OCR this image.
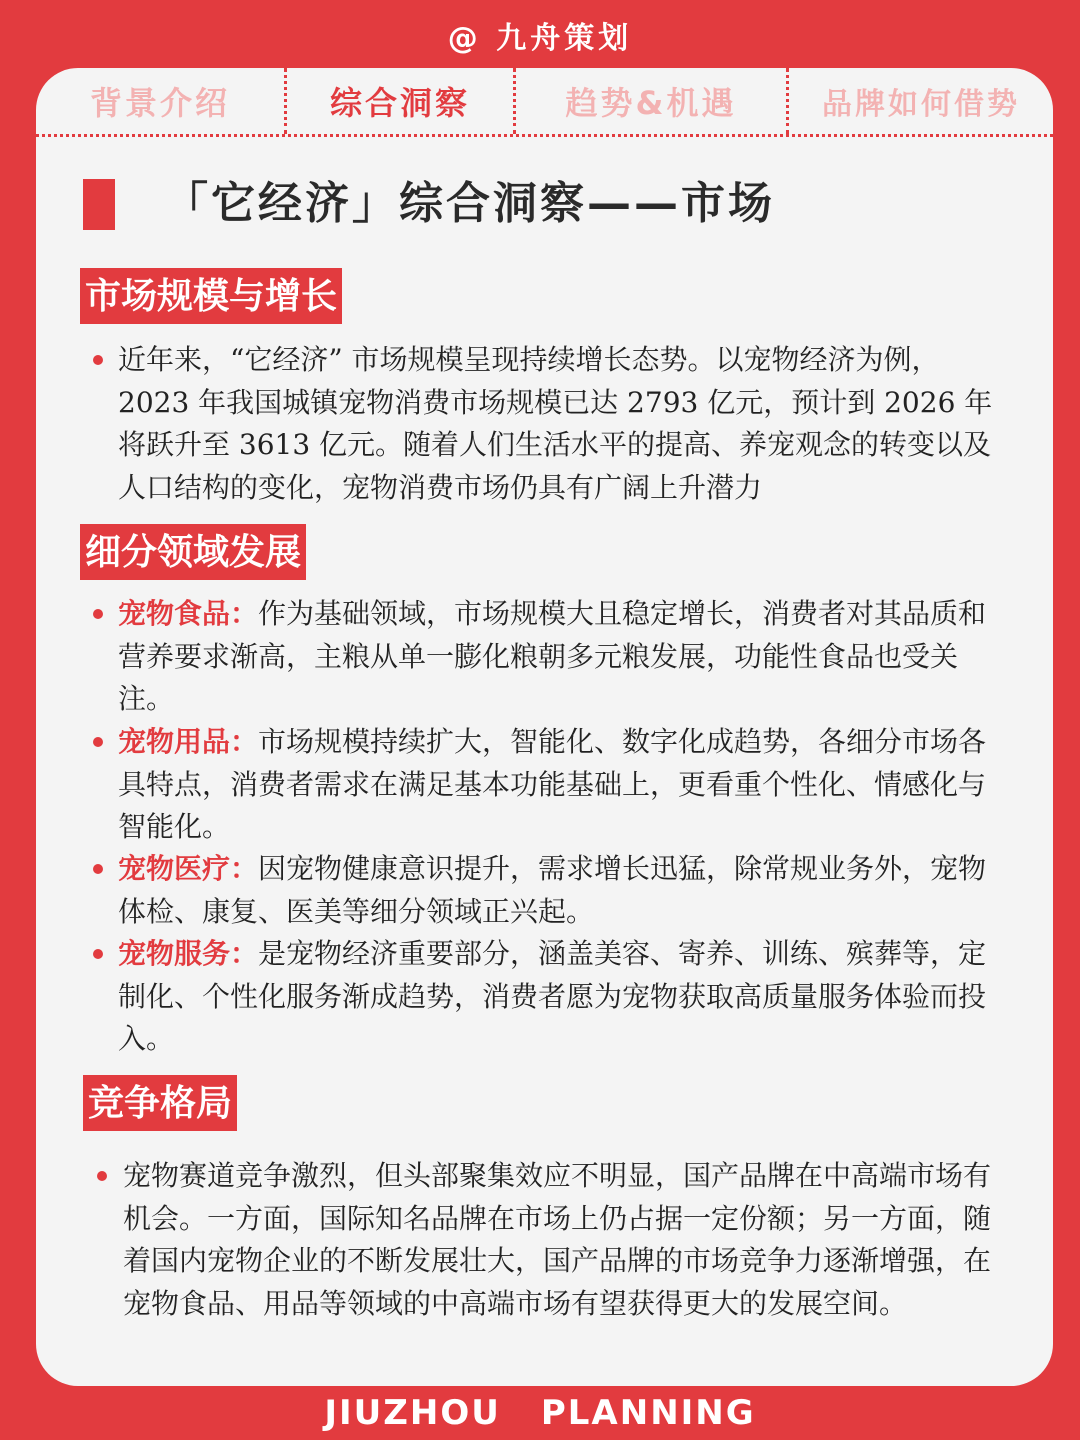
@ 九舟策划
背景介绍	综合洞察	趋势&机遇	品牌如何借势
「它经济」综合洞察——市场
市场规模与增长
近年来，“它经济” 市场规模呈现持续增长态势。以宠物经济为例，2023 年我国城镇宠物消费市场规模已达 2793 亿元，预计到 2026 年将跃升至 3613 亿元。随着人们生活水平的提高、养宠观念的转变以及人口结构的变化，宠物消费市场仍具有广阔上升潜力
细分领域发展
宠物食品：作为基础领域，市场规模大且稳定增长，消费者对其品质和营养要求渐高，主粮从单一膨化粮朝多元粮发展，功能性食品也受关注。
宠物用品：市场规模持续扩大，智能化、数字化成趋势，各细分市场各具特点，消费者需求在满足基本功能基础上，更看重个性化、情感化与智能化。
宠物医疗：因宠物健康意识提升，需求增长迅猛，除常规业务外，宠物体检、康复、医美等细分领域正兴起。
宠物服务：是宠物经济重要部分，涵盖美容、寄养、训练、殡葬等，定制化、个性化服务渐成趋势，消费者愿为宠物获取高质量服务体验而投入。
竞争格局
宠物赛道竞争激烈，但头部聚集效应不明显，国产品牌在中高端市场有机会。一方面，国际知名品牌在市场上仍占据一定份额；另一方面，随着国内宠物企业的不断发展壮大，国产品牌的市场竞争力逐渐增强，在宠物食品、用品等领域的中高端市场有望获得更大的发展空间。
JIUZHOU PLANNING
